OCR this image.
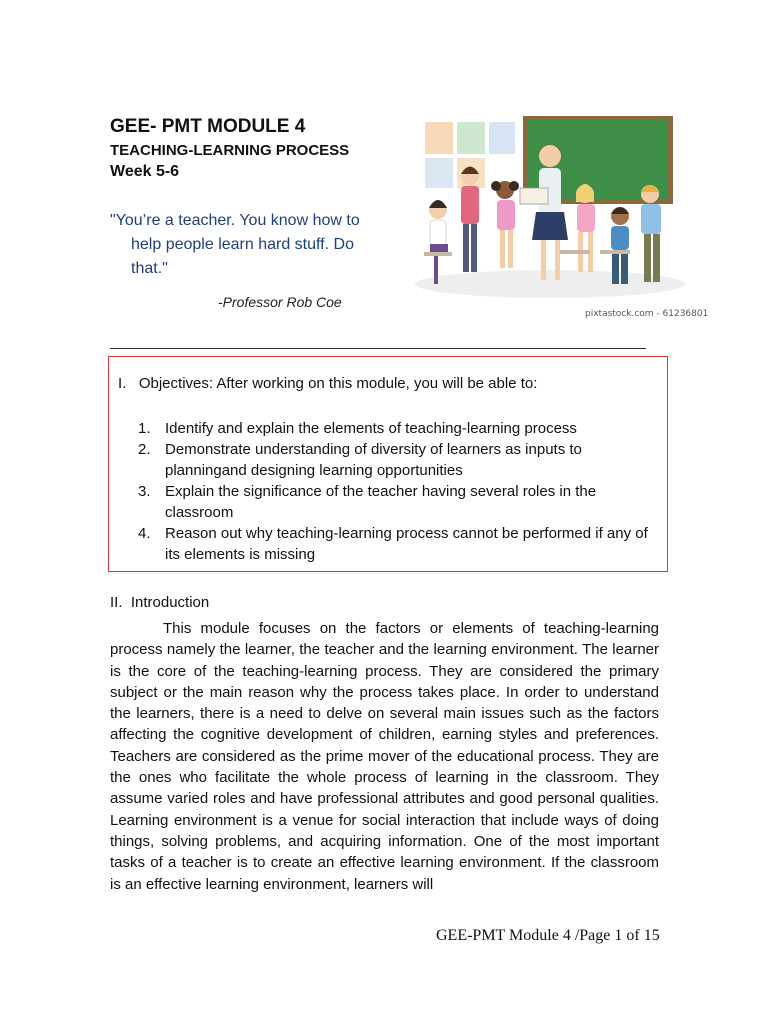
GEE- PMT MODULE 4
TEACHING-LEARNING PROCESS
Week 5-6
"You’re a teacher. You know how to
help people learn hard stuff. Do
that."
-Professor Rob Coe
pixtastock.com - 61236801
I.   Objectives: After working on this module, you will be able to:
1. Identify and explain the elements of teaching-learning process
2. Demonstrate understanding of diversity of learners as inputs to planningand designing learning opportunities
3. Explain the significance of the teacher having several roles in the classroom
4. Reason out why teaching-learning process cannot be performed if any of its elements is missing
II.  Introduction
This module focuses on the factors or elements of teaching-learning process namely the learner, the teacher and the learning environment. The learner is the core of the teaching-learning process. They are considered the primary subject or the main reason why the process takes place. In order to understand the learners, there is a need to delve on several main issues such as the factors affecting the cognitive development of children, earning styles and preferences. Teachers are considered as the prime mover of the educational process. They are the ones who facilitate the whole process of learning in the classroom. They assume varied roles and have professional attributes and good personal qualities. Learning environment is a venue for social interaction that include ways of doing things, solving problems, and acquiring information. One of the most important tasks of a teacher is to create an effective learning environment. If the classroom is an effective learning environment, learners will
GEE-PMT Module 4 /Page 1 of 15
